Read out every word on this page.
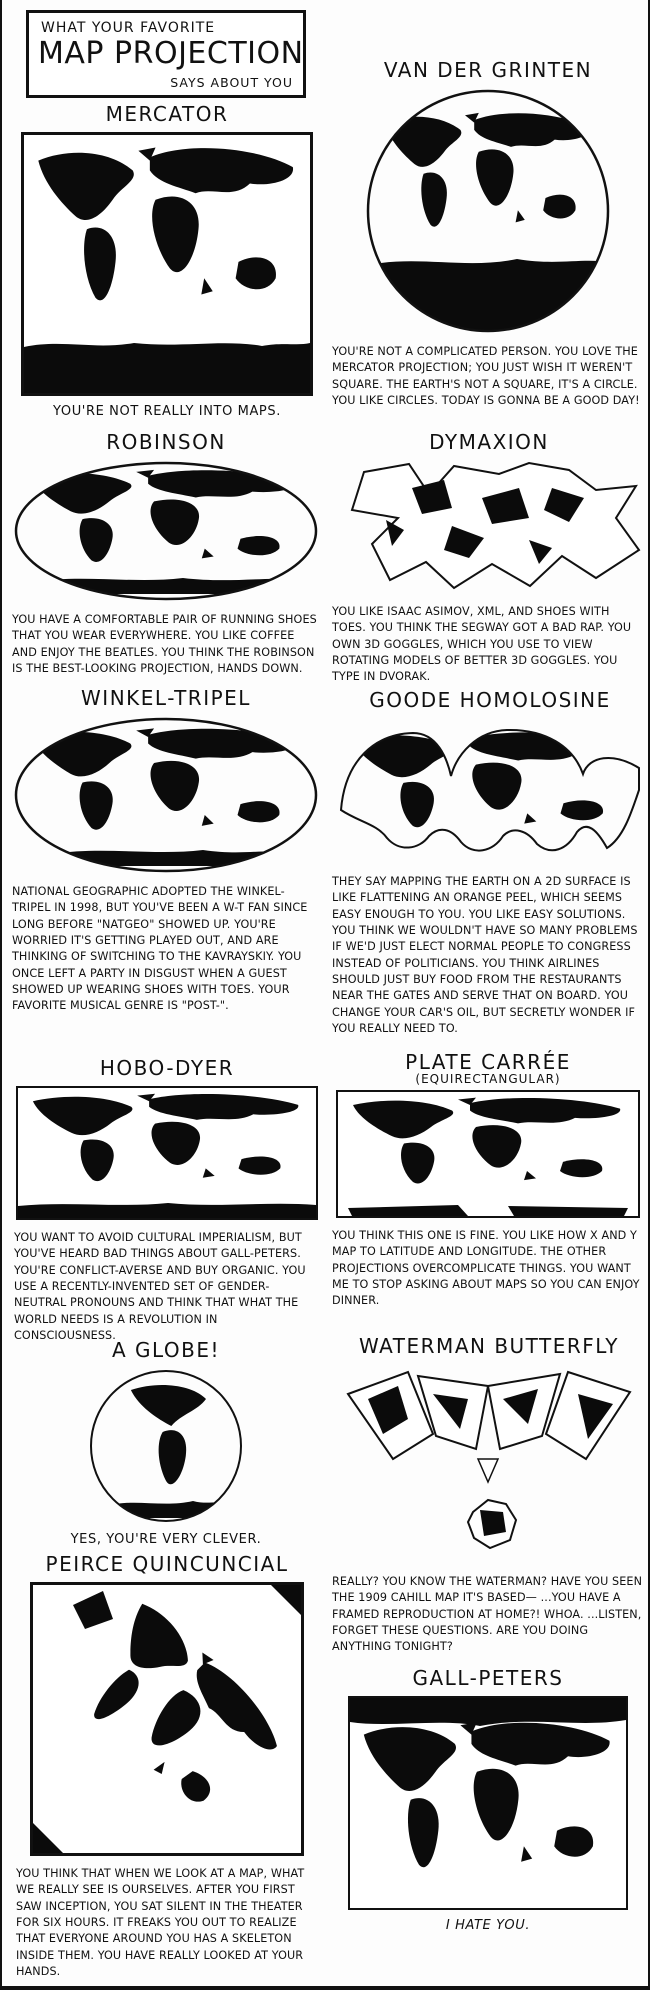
WHAT YOUR FAVORITE
MAP PROJECTION
SAYS ABOUT YOU
MERCATOR
YOU'RE NOT REALLY INTO MAPS.
VAN DER GRINTEN
YOU'RE NOT A COMPLICATED PERSON. YOU LOVE THE MERCATOR PROJECTION; YOU JUST WISH IT WEREN'T SQUARE. THE EARTH'S NOT A SQUARE, IT'S A CIRCLE. YOU LIKE CIRCLES. TODAY IS GONNA BE A GOOD DAY!
ROBINSON
YOU HAVE A COMFORTABLE PAIR OF RUNNING SHOES THAT YOU WEAR EVERYWHERE. YOU LIKE COFFEE AND ENJOY THE BEATLES. YOU THINK THE ROBINSON IS THE BEST-LOOKING PROJECTION, HANDS DOWN.
DYMAXION
YOU LIKE ISAAC ASIMOV, XML, AND SHOES WITH TOES. YOU THINK THE SEGWAY GOT A BAD RAP. YOU OWN 3D GOGGLES, WHICH YOU USE TO VIEW ROTATING MODELS OF BETTER 3D GOGGLES. YOU TYPE IN DVORAK.
WINKEL-TRIPEL
NATIONAL GEOGRAPHIC ADOPTED THE WINKEL-TRIPEL IN 1998, BUT YOU'VE BEEN A W-T FAN SINCE LONG BEFORE "NATGEO" SHOWED UP. YOU'RE WORRIED IT'S GETTING PLAYED OUT, AND ARE THINKING OF SWITCHING TO THE KAVRAYSKIY. YOU ONCE LEFT A PARTY IN DISGUST WHEN A GUEST SHOWED UP WEARING SHOES WITH TOES. YOUR FAVORITE MUSICAL GENRE IS "POST-".
GOODE HOMOLOSINE
THEY SAY MAPPING THE EARTH ON A 2D SURFACE IS LIKE FLATTENING AN ORANGE PEEL, WHICH SEEMS EASY ENOUGH TO YOU. YOU LIKE EASY SOLUTIONS. YOU THINK WE WOULDN'T HAVE SO MANY PROBLEMS IF WE'D JUST ELECT NORMAL PEOPLE TO CONGRESS INSTEAD OF POLITICIANS. YOU THINK AIRLINES SHOULD JUST BUY FOOD FROM THE RESTAURANTS NEAR THE GATES AND SERVE THAT ON BOARD. YOU CHANGE YOUR CAR'S OIL, BUT SECRETLY WONDER IF YOU REALLY NEED TO.
HOBO-DYER
YOU WANT TO AVOID CULTURAL IMPERIALISM, BUT YOU'VE HEARD BAD THINGS ABOUT GALL-PETERS. YOU'RE CONFLICT-AVERSE AND BUY ORGANIC. YOU USE A RECENTLY-INVENTED SET OF GENDER-NEUTRAL PRONOUNS AND THINK THAT WHAT THE WORLD NEEDS IS A REVOLUTION IN CONSCIOUSNESS.
PLATE CARRÉE
(EQUIRECTANGULAR)
YOU THINK THIS ONE IS FINE. YOU LIKE HOW X AND Y MAP TO LATITUDE AND LONGITUDE. THE OTHER PROJECTIONS OVERCOMPLICATE THINGS. YOU WANT ME TO STOP ASKING ABOUT MAPS SO YOU CAN ENJOY DINNER.
A GLOBE!
YES, YOU'RE VERY CLEVER.
WATERMAN BUTTERFLY
REALLY? YOU KNOW THE WATERMAN? HAVE YOU SEEN THE 1909 CAHILL MAP IT'S BASED— ...YOU HAVE A FRAMED REPRODUCTION AT HOME?! WHOA. ...LISTEN, FORGET THESE QUESTIONS. ARE YOU DOING ANYTHING TONIGHT?
PEIRCE QUINCUNCIAL
YOU THINK THAT WHEN WE LOOK AT A MAP, WHAT WE REALLY SEE IS OURSELVES. AFTER YOU FIRST SAW INCEPTION, YOU SAT SILENT IN THE THEATER FOR SIX HOURS. IT FREAKS YOU OUT TO REALIZE THAT EVERYONE AROUND YOU HAS A SKELETON INSIDE THEM. YOU HAVE REALLY LOOKED AT YOUR HANDS.
GALL-PETERS
I HATE YOU.
